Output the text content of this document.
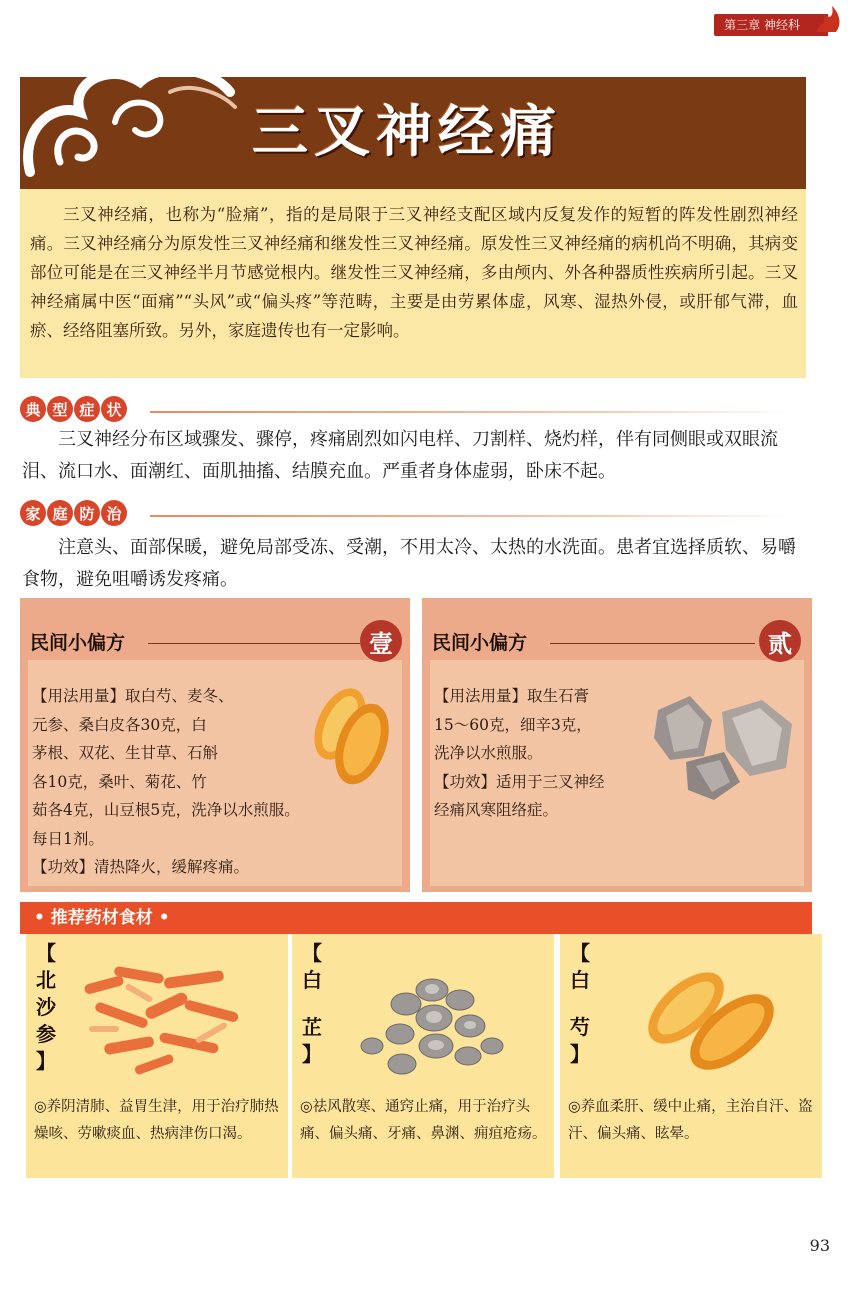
第三章 神经科
三叉神经痛
三叉神经痛，也称为“脸痛”，指的是局限于三叉神经支配区域内反复发作的短暂的阵发性剧烈神经痛。三叉神经痛分为原发性三叉神经痛和继发性三叉神经痛。原发性三叉神经痛的病机尚不明确，其病变部位可能是在三叉神经半月节感觉根内。继发性三叉神经痛，多由颅内、外各种器质性疾病所引起。三叉神经痛属中医“面痛”“头风”或“偏头疼”等范畴，主要是由劳累体虚，风寒、湿热外侵，或肝郁气滞，血瘀、经络阻塞所致。另外，家庭遗传也有一定影响。
典 型 症 状
三叉神经分布区域骤发、骤停，疼痛剧烈如闪电样、刀割样、烧灼样，伴有同侧眼或双眼流泪、流口水、面潮红、面肌抽搐、结膜充血。严重者身体虚弱，卧床不起。
家 庭 防 治
注意头、面部保暖，避免局部受冻、受潮，不用太冷、太热的水洗面。患者宜选择质软、易嚼食物，避免咀嚼诱发疼痛。
民间小偏方	壹
【用法用量】取白芍、麦冬、
元参、桑白皮各30克，白
茅根、双花、生甘草、石斛
各10克，桑叶、菊花、竹
茹各4克，山豆根5克，洗净以水煎服。
每日1剂。
【功效】清热降火，缓解疼痛。
民间小偏方	贰
【用法用量】取生石膏
15～60克，细辛3克，
洗净以水煎服。
【功效】适用于三叉神经
经痛风寒阻络症。
• 推荐药材食材 •
【
北
沙
参
】
◎养阴清肺、益胃生津，用于治疗肺热燥咳、劳嗽痰血、热病津伤口渴。
【
白
芷
】
◎祛风散寒、通窍止痛，用于治疗头痛、偏头痛、牙痛、鼻渊、痈疽疮疡。
【
白
芍
】
◎养血柔肝、缓中止痛，主治自汗、盗汗、偏头痛、眩晕。
93
